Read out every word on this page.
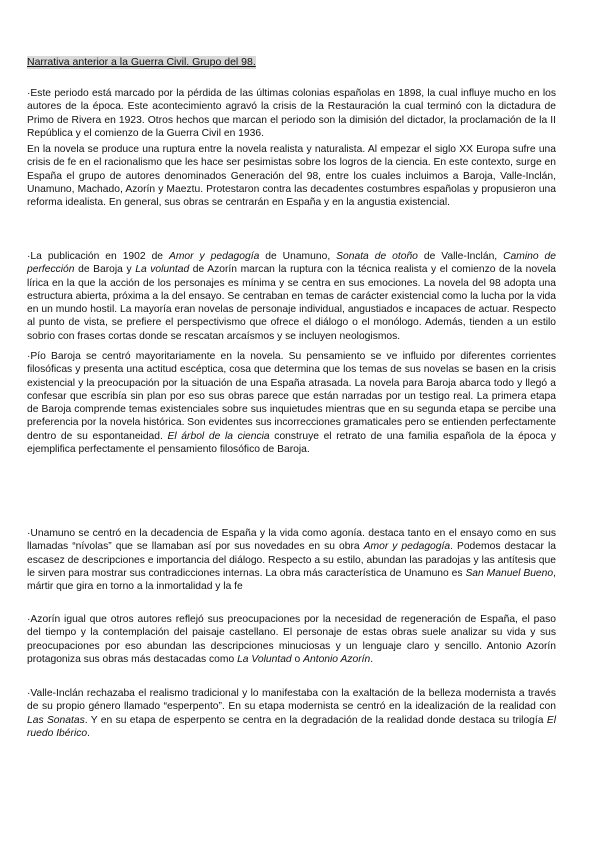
Narrativa anterior a la Guerra Civil. Grupo del 98.

·Este periodo está marcado por la pérdida de las últimas colonias españolas en 1898, la cual influye mucho en los autores de la época. Este acontecimiento agravó la crisis de la Restauración la cual terminó con la dictadura de Primo de Rivera en 1923. Otros hechos que marcan el periodo son la dimisión del dictador, la proclamación de la II República y el comienzo de la Guerra Civil en 1936.

En la novela se produce una ruptura entre la novela realista y naturalista. Al empezar el siglo XX Europa sufre una crisis de fe en el racionalismo que les hace ser pesimistas sobre los logros de la ciencia. En este contexto, surge en España el grupo de autores denominados Generación del 98, entre los cuales incluimos a Baroja, Valle-Inclán, Unamuno, Machado, Azorín y Maeztu. Protestaron contra las decadentes costumbres españolas y propusieron una reforma idealista. En general, sus obras se centrarán en España y en la angustia existencial.

·La publicación en 1902 de Amor y pedagogía de Unamuno, Sonata de otoño de Valle-Inclán, Camino de perfección de Baroja y La voluntad de Azorín marcan la ruptura con la técnica realista y el comienzo de la novela lírica en la que la acción de los personajes es mínima y se centra en sus emociones. La novela del 98 adopta una estructura abierta, próxima a la del ensayo. Se centraban en temas de carácter existencial como la lucha por la vida en un mundo hostil. La mayoría eran novelas de personaje individual, angustiados e incapaces de actuar. Respecto al punto de vista, se prefiere el perspectivismo que ofrece el diálogo o el monólogo. Además, tienden a un estilo sobrio con frases cortas donde se rescatan arcaísmos y se incluyen neologismos.

·Pío Baroja se centró mayoritariamente en la novela. Su pensamiento se ve influido por diferentes corrientes filosóficas y presenta una actitud escéptica, cosa que determina que los temas de sus novelas se basen en la crisis existencial y la preocupación por la situación de una España atrasada. La novela para Baroja abarca todo y llegó a confesar que escribía sin plan por eso sus obras parece que están narradas por un testigo real. La primera etapa de Baroja comprende temas existenciales sobre sus inquietudes mientras que en su segunda etapa se percibe una preferencia por la novela histórica. Son evidentes sus incorrecciones gramaticales pero se entienden perfectamente dentro de su espontaneidad. El árbol de la ciencia construye el retrato de una familia española de la época y ejemplifica perfectamente el pensamiento filosófico de Baroja.

·Unamuno se centró en la decadencia de España y la vida como agonía. destaca tanto en el ensayo como en sus llamadas “nívolas” que se llamaban así por sus novedades en su obra Amor y pedagogía. Podemos destacar la escasez de descripciones e importancia del diálogo. Respecto a su estilo, abundan las paradojas y las antítesis que le sirven para mostrar sus contradicciones internas. La obra más característica de Unamuno es San Manuel Bueno, mártir que gira en torno a la inmortalidad y la fe

·Azorín igual que otros autores reflejó sus preocupaciones por la necesidad de regeneración de España, el paso del tiempo y la contemplación del paisaje castellano. El personaje de estas obras suele analizar su vida y sus preocupaciones por eso abundan las descripciones minuciosas y un lenguaje claro y sencillo. Antonio Azorín protagoniza sus obras más destacadas como La Voluntad o Antonio Azorín.

·Valle-Inclán rechazaba el realismo tradicional y lo manifestaba con la exaltación de la belleza modernista a través de su propio género llamado “esperpento”. En su etapa modernista se centró en la idealización de la realidad con Las Sonatas. Y en su etapa de esperpento se centra en la degradación de la realidad donde destaca su trilogía El ruedo Ibérico.
